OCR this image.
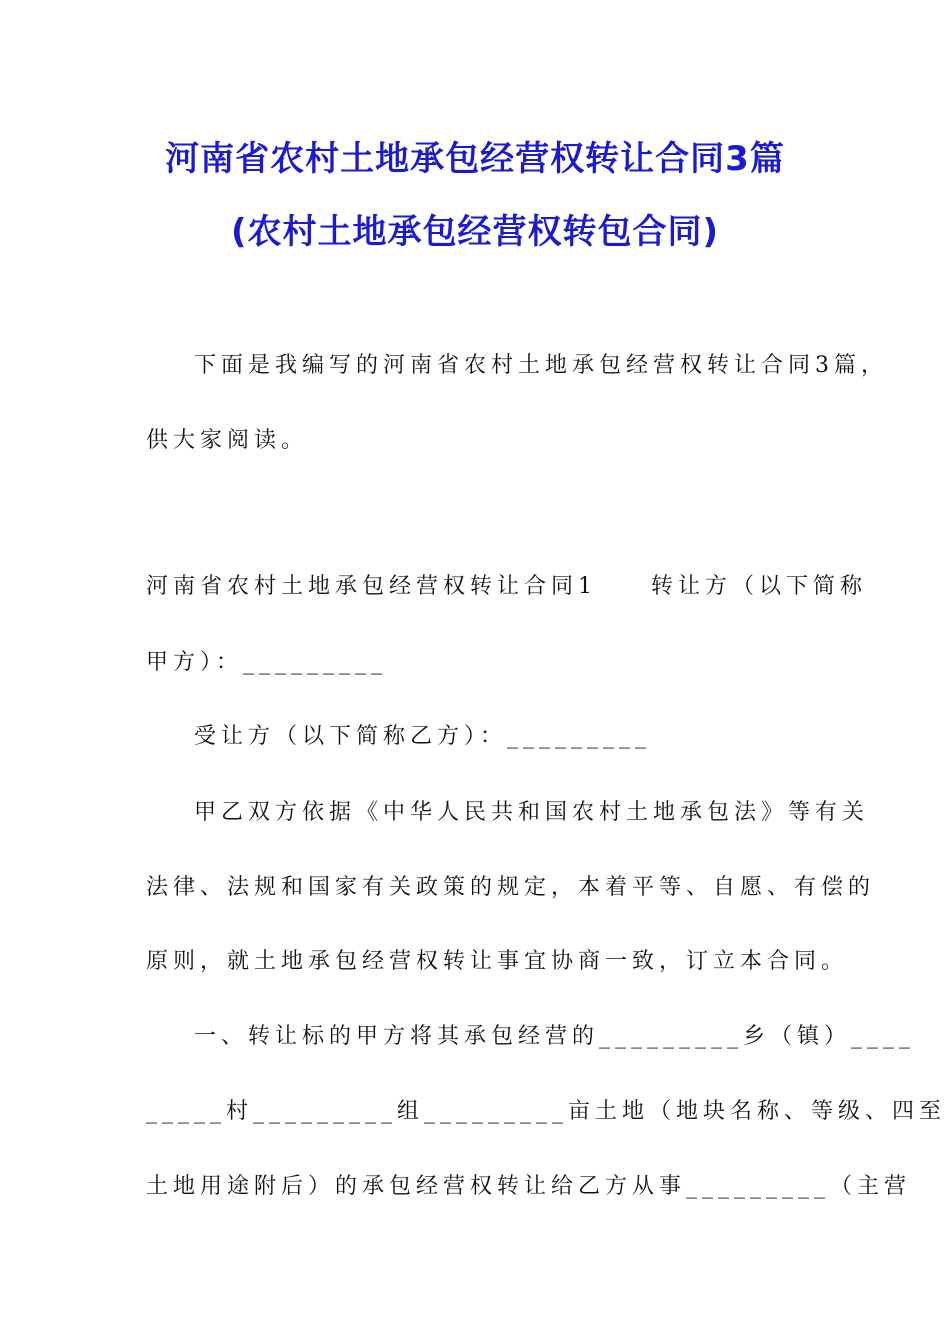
河南省农村土地承包经营权转让合同3篇
(农村土地承包经营权转包合同)
下面是我编写的河南省农村土地承包经营权转让合同3篇，
供大家阅读。
河南省农村土地承包经营权转让合同1　　转让方（以下简称
甲方）：_________
受让方（以下简称乙方）：_________
甲乙双方依据《中华人民共和国农村土地承包法》等有关
法律、法规和国家有关政策的规定，本着平等、自愿、有偿的
原则，就土地承包经营权转让事宜协商一致，订立本合同。
一、转让标的甲方将其承包经营的_________乡（镇）____
_____村_________组_________亩土地（地块名称、等级、四至
土地用途附后）的承包经营权转让给乙方从事_________（主营
